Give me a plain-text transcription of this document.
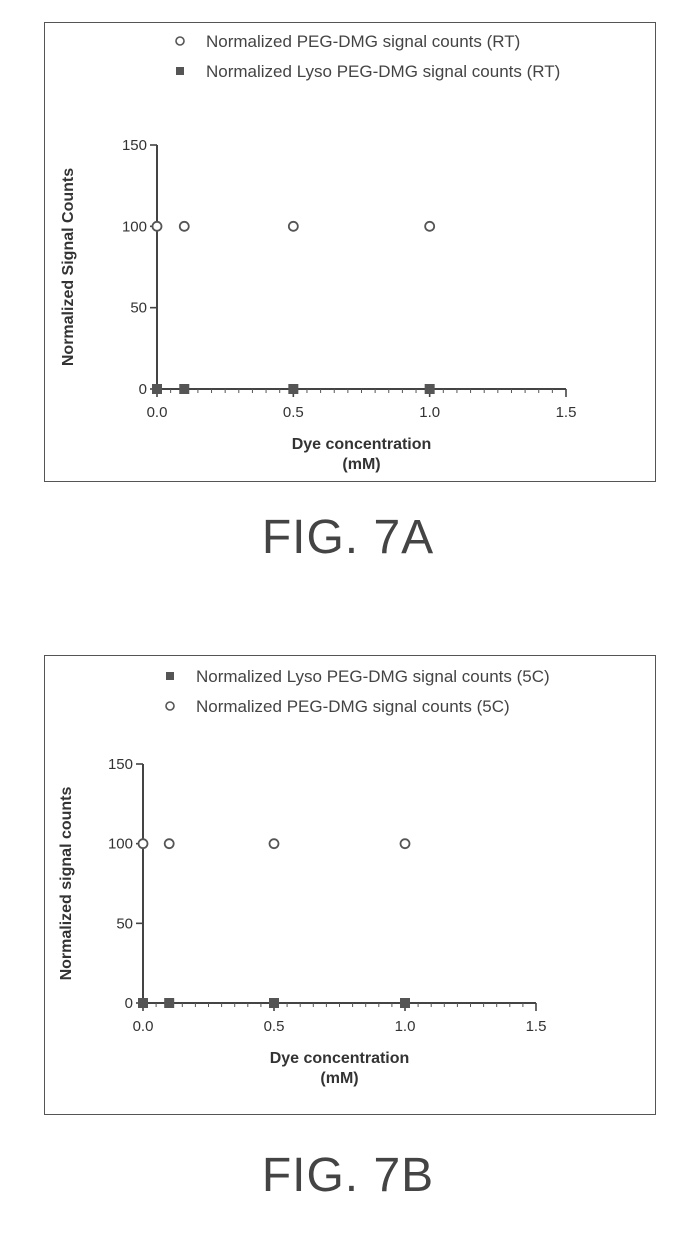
Normalized PEG-DMG signal counts (RT)
Normalized Lyso PEG-DMG signal counts (RT)
0.0	0.5	1.0	1.5
0
50
100
150
Dye concentration
(mM)
Normalized Signal Counts
FIG. 7A
Normalized Lyso PEG-DMG signal counts (5C)
Normalized PEG-DMG signal counts (5C)
0.0	0.5	1.0	1.5
0
50
100
150
Dye concentration
(mM)
Normalized signal counts
FIG. 7B
